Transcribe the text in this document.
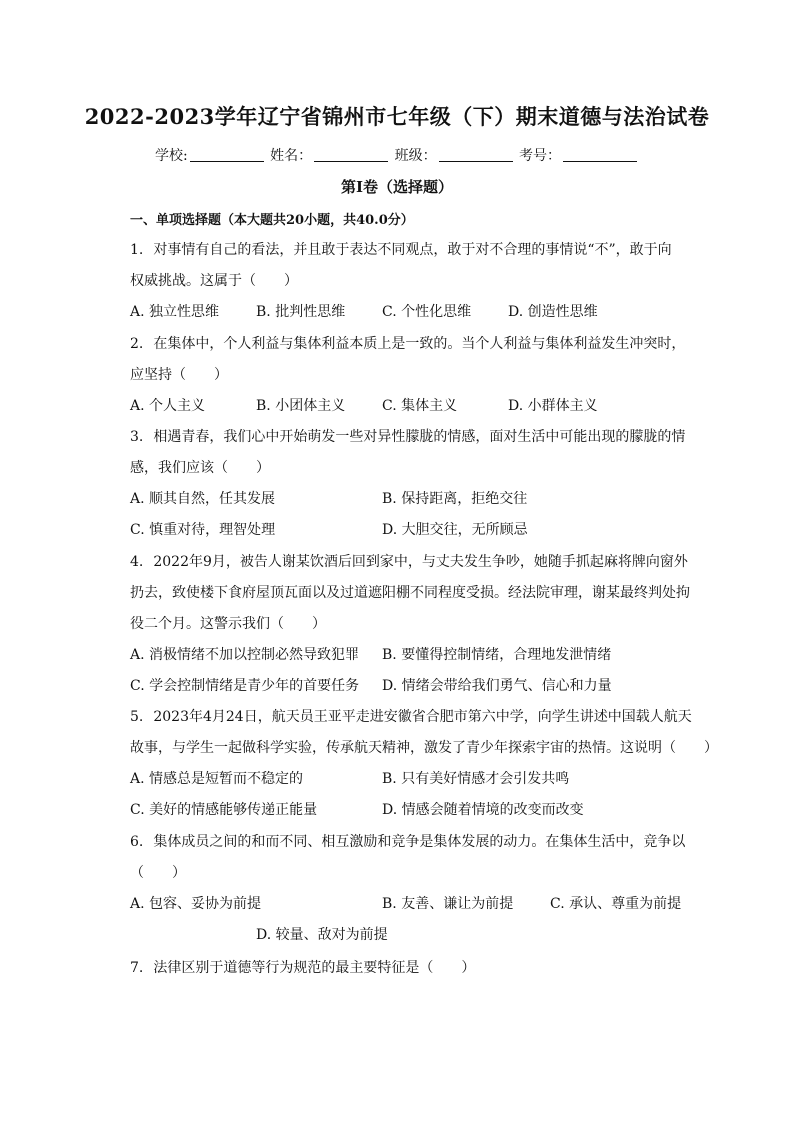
2022-2023学年辽宁省锦州市七年级（下）期末道德与法治试卷
学校:	姓名：	班级：	考号：
第I卷（选择题）
一、单项选择题（本大题共20小题，共40.0分）
1. 对事情有自己的看法，并且敢于表达不同观点，敢于对不合理的事情说“不”，敢于向
权威挑战。这属于（　　）
A. 独立性思维	B. 批判性思维	C. 个性化思维	D. 创造性思维
2. 在集体中，个人利益与集体利益本质上是一致的。当个人利益与集体利益发生冲突时，
应坚持（　　）
A. 个人主义	B. 小团体主义	C. 集体主义	D. 小群体主义
3. 相遇青春，我们心中开始萌发一些对异性朦胧的情感，面对生活中可能出现的朦胧的情
感，我们应该（　　）
A. 顺其自然，任其发展	B. 保持距离，拒绝交往
C. 慎重对待，理智处理	D. 大胆交往，无所顾忌
4. 2022年9月，被告人谢某饮酒后回到家中，与丈夫发生争吵，她随手抓起麻将牌向窗外
扔去，致使楼下食府屋顶瓦面以及过道遮阳棚不同程度受损。经法院审理，谢某最终判处拘
役二个月。这警示我们（　　）
A. 消极情绪不加以控制必然导致犯罪 B. 要懂得控制情绪，合理地发泄情绪
C. 学会控制情绪是青少年的首要任务 D. 情绪会带给我们勇气、信心和力量
5. 2023年4月24日，航天员王亚平走进安徽省合肥市第六中学，向学生讲述中国载人航天
故事，与学生一起做科学实验，传承航天精神，激发了青少年探索宇宙的热情。这说明（　　）
A. 情感总是短暂而不稳定的	B. 只有美好情感才会引发共鸣
C. 美好的情感能够传递正能量	D. 情感会随着情境的改变而改变
6. 集体成员之间的和而不同、相互激励和竞争是集体发展的动力。在集体生活中，竞争以
（　　）
A. 包容、妥协为前提	B. 友善、谦让为前提	C. 承认、尊重为前提
D. 较量、敌对为前提
7. 法律区别于道德等行为规范的最主要特征是（　　）
